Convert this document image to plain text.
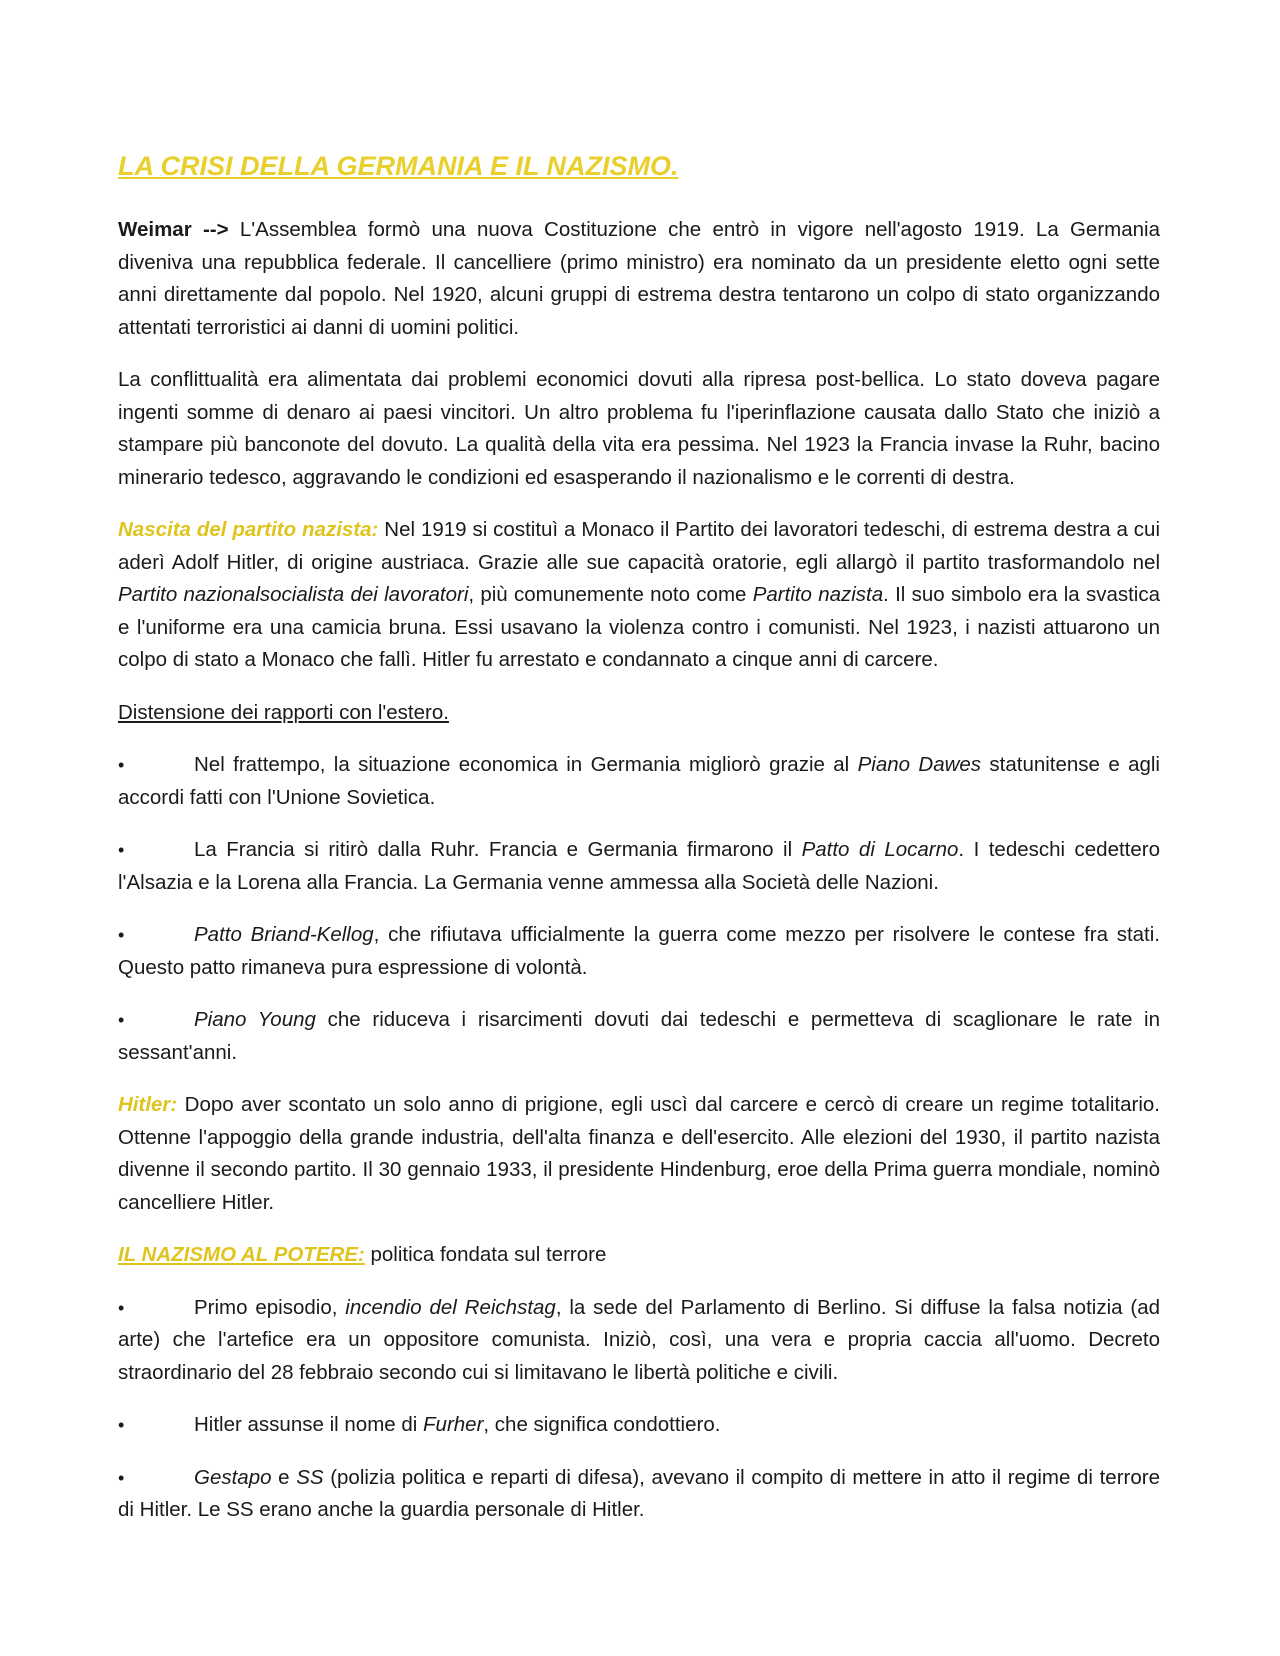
LA CRISI DELLA GERMANIA E IL NAZISMO.

Weimar --> L'Assemblea formò una nuova Costituzione che entrò in vigore nell'agosto 1919. La Germania diveniva una repubblica federale. Il cancelliere (primo ministro) era nominato da un presidente eletto ogni sette anni direttamente dal popolo. Nel 1920, alcuni gruppi di estrema destra tentarono un colpo di stato organizzando attentati terroristici ai danni di uomini politici.

La conflittualità era alimentata dai problemi economici dovuti alla ripresa post-bellica. Lo stato doveva pagare ingenti somme di denaro ai paesi vincitori. Un altro problema fu l'iperinflazione causata dallo Stato che iniziò a stampare più banconote del dovuto. La qualità della vita era pessima. Nel 1923 la Francia invase la Ruhr, bacino minerario tedesco, aggravando le condizioni ed esasperando il nazionalismo e le correnti di destra.

Nascita del partito nazista: Nel 1919 si costituì a Monaco il Partito dei lavoratori tedeschi, di estrema destra a cui aderì Adolf Hitler, di origine austriaca. Grazie alle sue capacità oratorie, egli allargò il partito trasformandolo nel Partito nazionalsocialista dei lavoratori, più comunemente noto come Partito nazista. Il suo simbolo era la svastica e l'uniforme era una camicia bruna. Essi usavano la violenza contro i comunisti. Nel 1923, i nazisti attuarono un colpo di stato a Monaco che fallì. Hitler fu arrestato e condannato a cinque anni di carcere.

Distensione dei rapporti con l'estero.

•	Nel frattempo, la situazione economica in Germania migliorò grazie al Piano Dawes statunitense e agli accordi fatti con l'Unione Sovietica.

•	La Francia si ritirò dalla Ruhr. Francia e Germania firmarono il Patto di Locarno. I tedeschi cedettero l'Alsazia e la Lorena alla Francia. La Germania venne ammessa alla Società delle Nazioni.

•	Patto Briand-Kellog, che rifiutava ufficialmente la guerra come mezzo per risolvere le contese fra stati. Questo patto rimaneva pura espressione di volontà.

•	Piano Young che riduceva i risarcimenti dovuti dai tedeschi e permetteva di scaglionare le rate in sessant'anni.

Hitler: Dopo aver scontato un solo anno di prigione, egli uscì dal carcere e cercò di creare un regime totalitario. Ottenne l'appoggio della grande industria, dell'alta finanza e dell'esercito. Alle elezioni del 1930, il partito nazista divenne il secondo partito. Il 30 gennaio 1933, il presidente Hindenburg, eroe della Prima guerra mondiale, nominò cancelliere Hitler.

IL NAZISMO AL POTERE: politica fondata sul terrore

•	Primo episodio, incendio del Reichstag, la sede del Parlamento di Berlino. Si diffuse la falsa notizia (ad arte) che l'artefice era un oppositore comunista. Iniziò, così, una vera e propria caccia all'uomo. Decreto straordinario del 28 febbraio secondo cui si limitavano le libertà politiche e civili.

•	Hitler assunse il nome di Furher, che significa condottiero.

•	Gestapo e SS (polizia politica e reparti di difesa), avevano il compito di mettere in atto il regime di terrore di Hitler. Le SS erano anche la guardia personale di Hitler.
